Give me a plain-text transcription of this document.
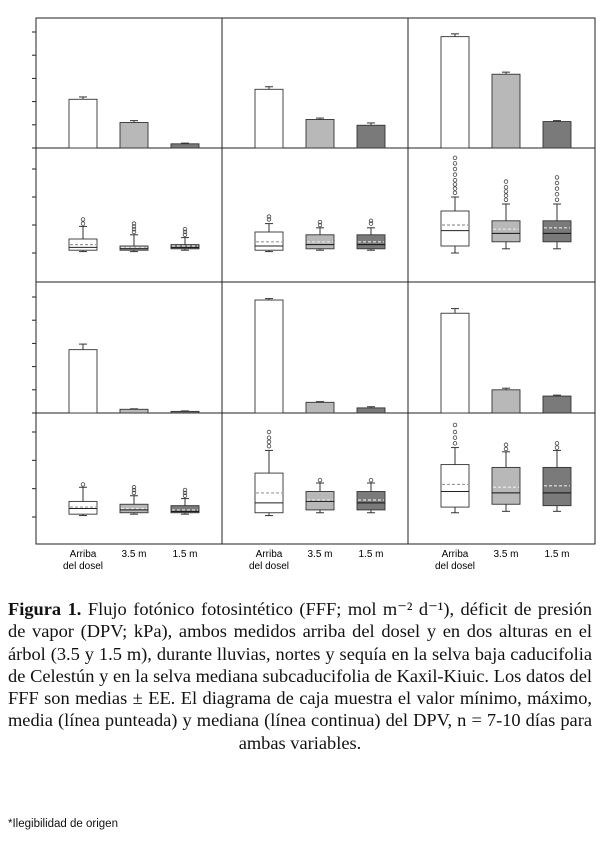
Arriba
del dosel
3.5 m	1.5 m	Arriba
del dosel
3.5 m	1.5 m	Arriba
del dosel
3.5 m	1.5 m
Figura 1. Flujo fotónico fotosintético (FFF; mol m⁻² d⁻¹), déficit de presión de vapor (DPV; kPa), ambos medidos arriba del dosel y en dos alturas en el árbol (3.5 y 1.5 m), durante lluvias, nortes y sequía en la selva baja caducifolia de Celestún y en la selva mediana subcaducifolia de Kaxil-Kiuic. Los datos del FFF son medias ± EE. El diagrama de caja muestra el valor mínimo, máximo, media (línea punteada) y mediana (línea continua) del DPV, n = 7-10 días para ambas variables.
*Ilegibilidad de origen
